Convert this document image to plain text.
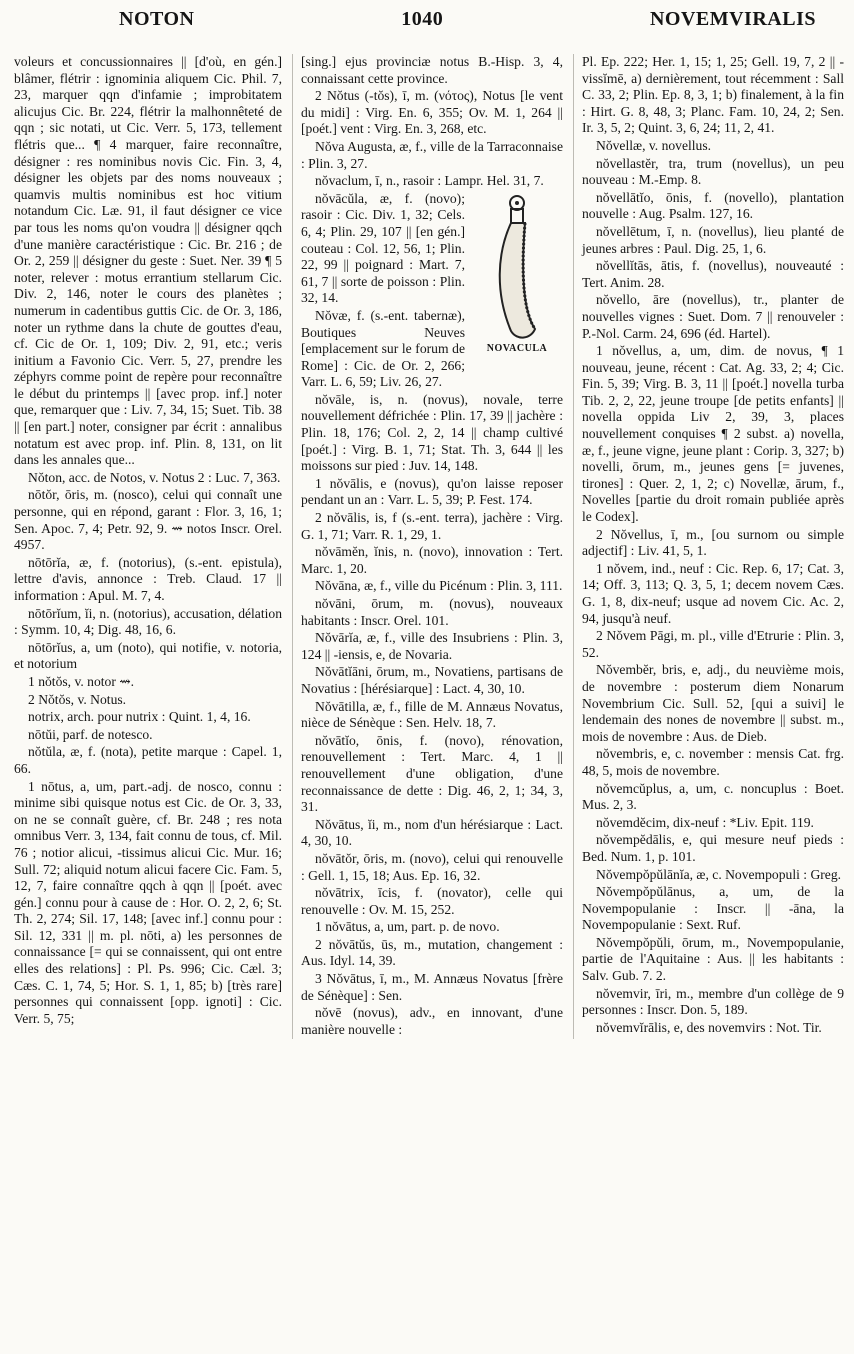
NOTON	1040	NOVEMVIRALIS

voleurs et concussionnaires || [d'où, en gén.] blâmer, flétrir : ignominia aliquem Cic. Phil. 7, 23, marquer qqn d'infamie ; improbitatem alicujus Cic. Br. 224, flétrir la malhonnêteté de qqn ; sic notati, ut Cic. Verr. 5, 173, tellement flétris que... ¶ 4 marquer, faire reconnaître, désigner : res nominibus novis Cic. Fin. 3, 4, désigner les objets par des noms nouveaux ; quamvis multis nominibus est hoc vitium notandum Cic. Læ. 91, il faut désigner ce vice par tous les noms qu'on voudra || désigner qqch d'une manière caractéristique : Cic. Br. 216 ; de Or. 2, 259 || désigner du geste : Suet. Ner. 39 ¶ 5 noter, relever : motus errantium stellarum Cic. Div. 2, 146, noter le cours des planètes ; numerum in cadentibus guttis Cic. de Or. 3, 186, noter un rythme dans la chute de gouttes d'eau, cf. Cic de Or. 1, 109; Div. 2, 91, etc.; veris initium a Favonio Cic. Verr. 5, 27, prendre les zéphyrs comme point de repère pour reconnaître le début du printemps || [avec prop. inf.] noter que, remarquer que : Liv. 7, 34, 15; Suet. Tib. 38 || [en part.] noter, consigner par écrit : annalibus notatum est avec prop. inf. Plin. 8, 131, on lit dans les annales que...

Nŏton, acc. de Notos, v. Notus 2 : Luc. 7, 363.

nōtŏr, ōris, m. (nosco), celui qui connaît une personne, qui en répond, garant : Flor. 3, 16, 1; Sen. Apoc. 7, 4; Petr. 92, 9. ⇝ notos Inscr. Orel. 4957.

nōtōrĭa, æ, f. (notorius), (s.-ent. epistula), lettre d'avis, annonce : Treb. Claud. 17 || information : Apul. M. 7, 4.

nōtōrĭum, ĭi, n. (notorius), accusation, délation : Symm. 10, 4; Dig. 48, 16, 6.

nōtōrĭus, a, um (noto), qui notifie, v. notoria, et notorium

1 nŏtŏs, v. notor ⇝.

2 Nŏtŏs, v. Notus.

notrix, arch. pour nutrix : Quint. 1, 4, 16.

nōtŭi, parf. de notesco.

nŏtŭla, æ, f. (nota), petite marque : Capel. 1, 66.

1 nōtus, a, um, part.-adj. de nosco, connu : minime sibi quisque notus est Cic. de Or. 3, 33, on ne se connaît guère, cf. Br. 248 ; res nota omnibus Verr. 3, 134, fait connu de tous, cf. Mil. 76 ; notior alicui, -tissimus alicui Cic. Mur. 16; Sull. 72; aliquid notum alicui facere Cic. Fam. 5, 12, 7, faire connaître qqch à qqn || [poét. avec gén.] connu pour à cause de : Hor. O. 2, 2, 6; St. Th. 2, 274; Sil. 17, 148; [avec inf.] connu pour : Sil. 12, 331 || m. pl. nōti, a) les personnes de connaissance [= qui se connaissent, qui ont entre elles des relations] : Pl. Ps. 996; Cic. Cæl. 3; Cæs. C. 1, 74, 5; Hor. S. 1, 1, 85; b) [très rare] personnes qui connaissent [opp. ignoti] : Cic. Verr. 5, 75;

[sing.] ejus provinciæ notus B.-Hisp. 3, 4, connaissant cette province.

2 Nŏtus (-tŏs), ī, m. (νότος), Notus [le vent du midi] : Virg. En. 6, 355; Ov. M. 1, 264 || [poét.] vent : Virg. En. 3, 268, etc.

Nŏva Augusta, æ, f., ville de la Tarraconnaise : Plin. 3, 27.

nŏvaclum, ī, n., rasoir : Lampr. Hel. 31, 7.

NOVACULA

nŏvācŭla, æ, f. (novo); rasoir : Cic. Div. 1, 32; Cels. 6, 4; Plin. 29, 107 || [en gén.] couteau : Col. 12, 56, 1; Plin. 22, 99 || poignard : Mart. 7, 61, 7 || sorte de poisson : Plin. 32, 14.

Nŏvæ, f. (s.-ent. tabernæ), Boutiques Neuves [emplacement sur le forum de Rome] : Cic. de Or. 2, 266; Varr. L. 6, 59; Liv. 26, 27.

nŏvāle, is, n. (novus), novale, terre nouvellement défrichée : Plin. 17, 39 || jachère : Plin. 18, 176; Col. 2, 2, 14 || champ cultivé [poét.] : Virg. B. 1, 71; Stat. Th. 3, 644 || les moissons sur pied : Juv. 14, 148.

1 nŏvālis, e (novus), qu'on laisse reposer pendant un an : Varr. L. 5, 39; P. Fest. 174.

2 nŏvālis, is, f (s.-ent. terra), jachère : Virg. G. 1, 71; Varr. R. 1, 29, 1.

nŏvāmĕn, ĭnis, n. (novo), innovation : Tert. Marc. 1, 20.

Nŏvāna, æ, f., ville du Picénum : Plin. 3, 111.

nŏvāni, ōrum, m. (novus), nouveaux habitants : Inscr. Orel. 101.

Nŏvārĭa, æ, f., ville des Insubriens : Plin. 3, 124 || -iensis, e, de Novaria.

Nŏvātĭāni, ōrum, m., Novatiens, partisans de Novatius : [hérésiarque] : Lact. 4, 30, 10.

Nŏvātilla, æ, f., fille de M. Annæus Novatus, nièce de Sénèque : Sen. Helv. 18, 7.

nŏvātĭo, ōnis, f. (novo), rénovation, renouvellement : Tert. Marc. 4, 1 || renouvellement d'une obligation, d'une reconnaissance de dette : Dig. 46, 2, 1; 34, 3, 31.

Nŏvātus, ĭi, m., nom d'un hérésiarque : Lact. 4, 30, 10.

nŏvātŏr, ōris, m. (novo), celui qui renouvelle : Gell. 1, 15, 18; Aus. Ep. 16, 32.

nŏvātrix, īcis, f. (novator), celle qui renouvelle : Ov. M. 15, 252.

1 nŏvātus, a, um, part. p. de novo.

2 nŏvātŭs, ūs, m., mutation, changement : Aus. Idyl. 14, 39.

3 Nŏvātus, ī, m., M. Annæus Novatus [frère de Sénèque] : Sen.

nŏvē (novus), adv., en innovant, d'une manière nouvelle :

Pl. Ep. 222; Her. 1, 15; 1, 25; Gell. 19, 7, 2 || -vissĭmē, a) dernièrement, tout récemment : Sall C. 33, 2; Plin. Ep. 8, 3, 1; b) finalement, à la fin : Hirt. G. 8, 48, 3; Planc. Fam. 10, 24, 2; Sen. Ir. 3, 5, 2; Quint. 3, 6, 24; 11, 2, 41.

Nŏvellæ, v. novellus.

nŏvellastĕr, tra, trum (novellus), un peu nouveau : M.-Emp. 8.

nŏvellātĭo, ōnis, f. (novello), plantation nouvelle : Aug. Psalm. 127, 16.

nŏvellētum, ī, n. (novellus), lieu planté de jeunes arbres : Paul. Dig. 25, 1, 6.

nŏvellĭtās, ātis, f. (novellus), nouveauté : Tert. Anim. 28.

nŏvello, āre (novellus), tr., planter de nouvelles vignes : Suet. Dom. 7 || renouveler : P.-Nol. Carm. 24, 696 (éd. Hartel).

1 nŏvellus, a, um, dim. de novus, ¶ 1 nouveau, jeune, récent : Cat. Ag. 33, 2; 4; Cic. Fin. 5, 39; Virg. B. 3, 11 || [poét.] novella turba Tib. 2, 2, 22, jeune troupe [de petits enfants] || novella oppida Liv 2, 39, 3, places nouvellement conquises ¶ 2 subst. a) novella, æ, f., jeune vigne, jeune plant : Corip. 3, 327; b) novelli, ōrum, m., jeunes gens [= juvenes, tirones] : Quer. 2, 1, 2; c) Novellæ, ārum, f., Novelles [partie du droit romain publiée après le Codex].

2 Nŏvellus, ī, m., [ou surnom ou simple adjectif] : Liv. 41, 5, 1.

1 nŏvem, ind., neuf : Cic. Rep. 6, 17; Cat. 3, 14; Off. 3, 113; Q. 3, 5, 1; decem novem Cæs. G. 1, 8, dix-neuf; usque ad novem Cic. Ac. 2, 94, jusqu'à neuf.

2 Nŏvem Pāgi, m. pl., ville d'Etrurie : Plin. 3, 52.

Nŏvembĕr, bris, e, adj., du neuvième mois, de novembre : posterum diem Nonarum Novembrium Cic. Sull. 52, [qui a suivi] le lendemain des nones de novembre || subst. m., mois de novembre : Aus. de Dieb.

nŏvembris, e, c. november : mensis Cat. frg. 48, 5, mois de novembre.

nŏvemcŭplus, a, um, c. noncuplus : Boet. Mus. 2, 3.

nŏvemdĕcim, dix-neuf : *Liv. Epit. 119.

nŏvempĕdālis, e, qui mesure neuf pieds : Bed. Num. 1, p. 101.

Nŏvempŏpŭlānĭa, æ, c. Novempopuli : Greg.

Nŏvempŏpŭlānus, a, um, de la Novempopulanie : Inscr. || -āna, la Novempopulanie : Sext. Ruf.

Nŏvempŏpŭli, ōrum, m., Novempopulanie, partie de l'Aquitaine : Aus. || les habitants : Salv. Gub. 7. 2.

nŏvemvir, īri, m., membre d'un collège de 9 personnes : Inscr. Don. 5, 189.

nŏvemvĭrālis, e, des novemvirs : Not. Tir.
